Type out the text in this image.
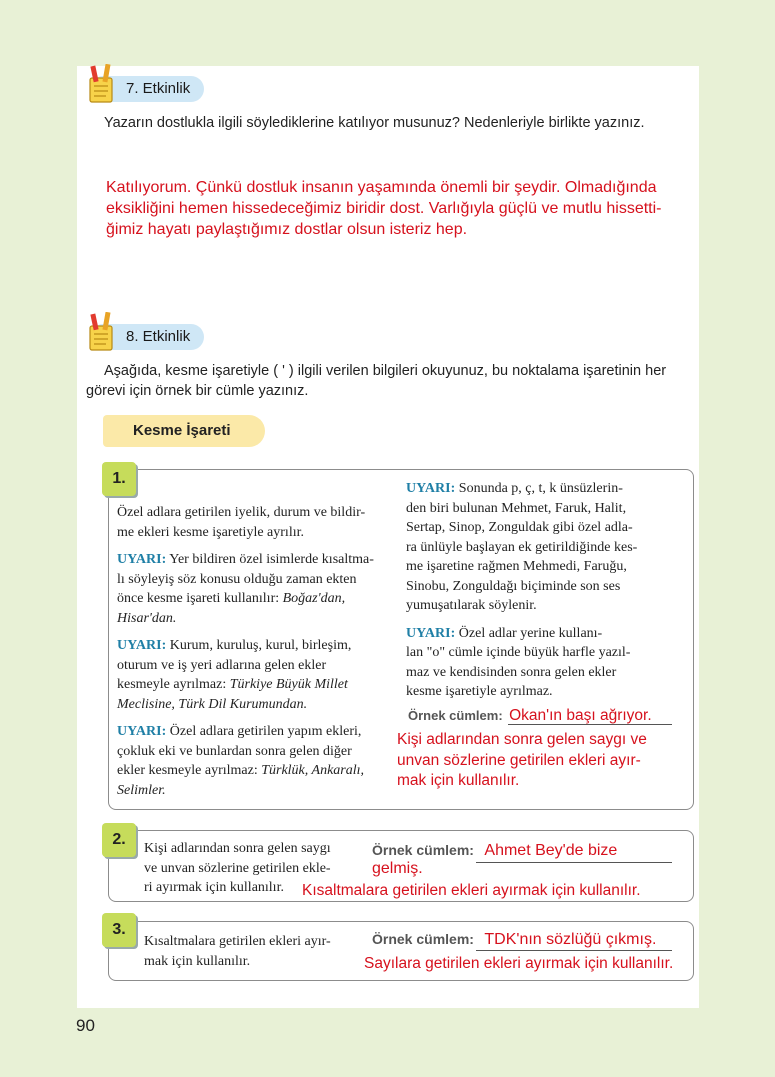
7. Etkinlik
Yazarın dostlukla ilgili söylediklerine katılıyor musunuz? Nedenleriyle birlikte yazınız.
Katılıyorum. Çünkü dostluk insanın yaşamında önemli bir şeydir. Olmadığında
eksikliğini hemen hissedeceğimiz biridir dost. Varlığıyla güçlü ve mutlu hissetti-
ğimiz hayatı paylaştığımız dostlar olsun isteriz hep.
8. Etkinlik
Aşağıda, kesme işaretiyle ( ' ) ilgili verilen bilgileri okuyunuz, bu noktalama işaretinin her
görevi için örnek bir cümle yazınız.
Kesme İşareti
1.
Özel adlara getirilen iyelik, durum ve bildir-
me ekleri kesme işaretiyle ayrılır.
UYARI: Yer bildiren özel isimlerde kısaltma-
lı söyleyiş söz konusu olduğu zaman ekten
önce kesme işareti kullanılır: Boğaz'dan,
Hisar'dan.
UYARI: Kurum, kuruluş, kurul, birleşim,
oturum ve iş yeri adlarına gelen ekler
kesmeyle ayrılmaz: Türkiye Büyük Millet
Meclisine, Türk Dil Kurumundan.
UYARI: Özel adlara getirilen yapım ekleri,
çokluk eki ve bunlardan sonra gelen diğer
ekler kesmeyle ayrılmaz: Türklük, Ankaralı,
Selimler.
UYARI: Sonunda p, ç, t, k ünsüzlerin-
den biri bulunan Mehmet, Faruk, Halit,
Sertap, Sinop, Zonguldak gibi özel adla-
ra ünlüyle başlayan ek getirildiğinde kes-
me işaretine rağmen Mehmedi, Faruğu,
Sinobu, Zonguldağı biçiminde son ses
yumuşatılarak söylenir.
UYARI: Özel adlar yerine kullanı-
lan "o" cümle içinde büyük harfle yazıl-
maz ve kendisinden sonra gelen ekler
kesme işaretiyle ayrılmaz.
Örnek cümlem: Okan'ın başı ağrıyor.
Kişi adlarından sonra gelen saygı ve
unvan sözlerine getirilen ekleri ayır-
mak için kullanılır.
2.
Kişi adlarından sonra gelen saygı
ve unvan sözlerine getirilen ekle-
ri ayırmak için kullanılır.
Örnek cümlem: Ahmet Bey'de bize gelmiş.
Kısaltmalara getirilen ekleri ayırmak için kullanılır.
3.
Kısaltmalara getirilen ekleri ayır-
mak için kullanılır.
Örnek cümlem: TDK'nın sözlüğü çıkmış.
Sayılara getirilen ekleri ayırmak için kullanılır.
90
